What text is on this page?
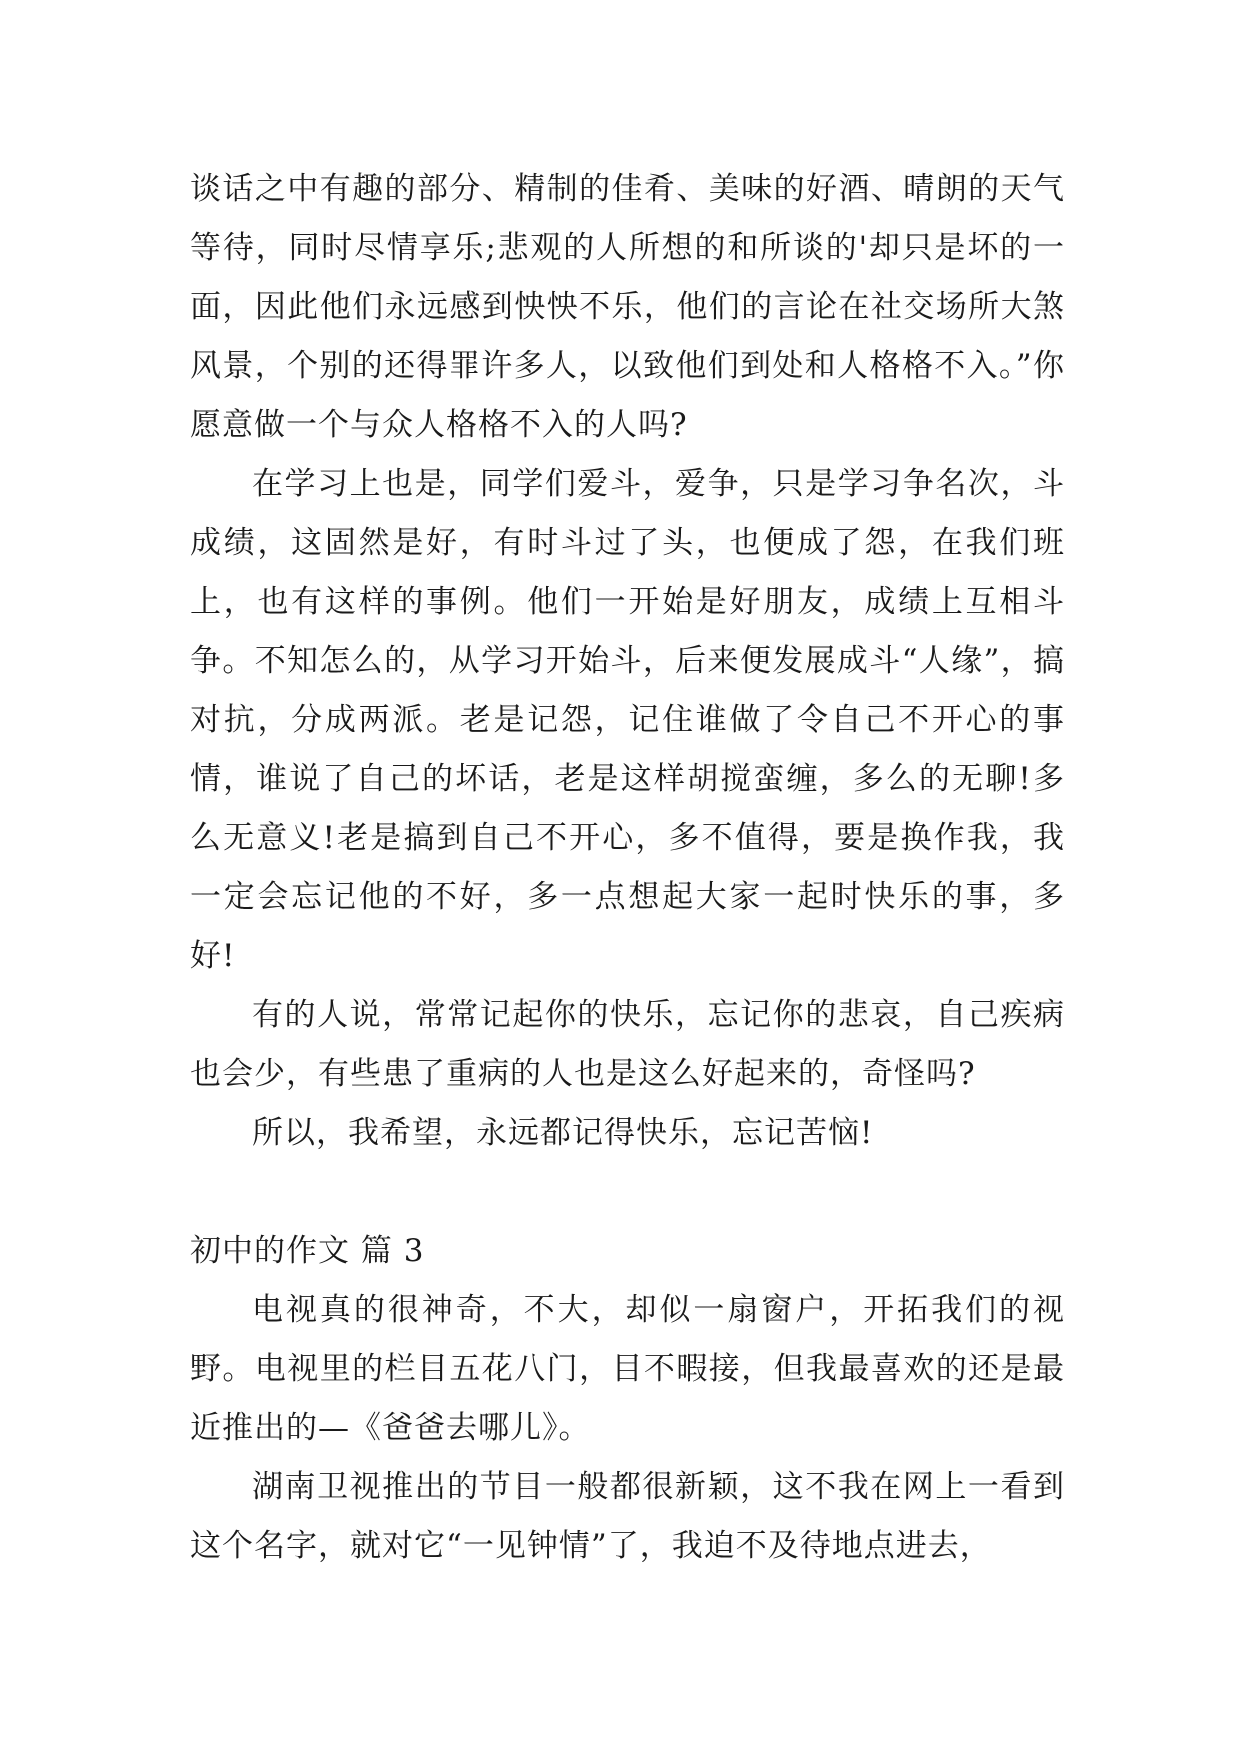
谈话之中有趣的部分、精制的佳肴、美味的好酒、晴朗的天气等待，同时尽情享乐;悲观的人所想的和所谈的'却只是坏的一面，因此他们永远感到怏怏不乐，他们的言论在社交场所大煞风景，个别的还得罪许多人，以致他们到处和人格格不入。”你愿意做一个与众人格格不入的人吗?

在学习上也是，同学们爱斗，爱争，只是学习争名次，斗成绩，这固然是好，有时斗过了头，也便成了怨，在我们班上，也有这样的事例。他们一开始是好朋友，成绩上互相斗争。不知怎么的，从学习开始斗，后来便发展成斗“人缘”，搞对抗，分成两派。老是记怨，记住谁做了令自己不开心的事情，谁说了自己的坏话，老是这样胡搅蛮缠，多么的无聊!多么无意义!老是搞到自己不开心，多不值得，要是换作我，我一定会忘记他的不好，多一点想起大家一起时快乐的事，多好!

有的人说，常常记起你的快乐，忘记你的悲哀，自己疾病也会少，有些患了重病的人也是这么好起来的，奇怪吗?

所以，我希望，永远都记得快乐，忘记苦恼!

初中的作文 篇 3

电视真的很神奇，不大，却似一扇窗户，开拓我们的视野。电视里的栏目五花八门，目不暇接，但我最喜欢的还是最近推出的—《爸爸去哪儿》。

湖南卫视推出的节目一般都很新颖，这不我在网上一看到这个名字，就对它“一见钟情”了，我迫不及待地点进去，
